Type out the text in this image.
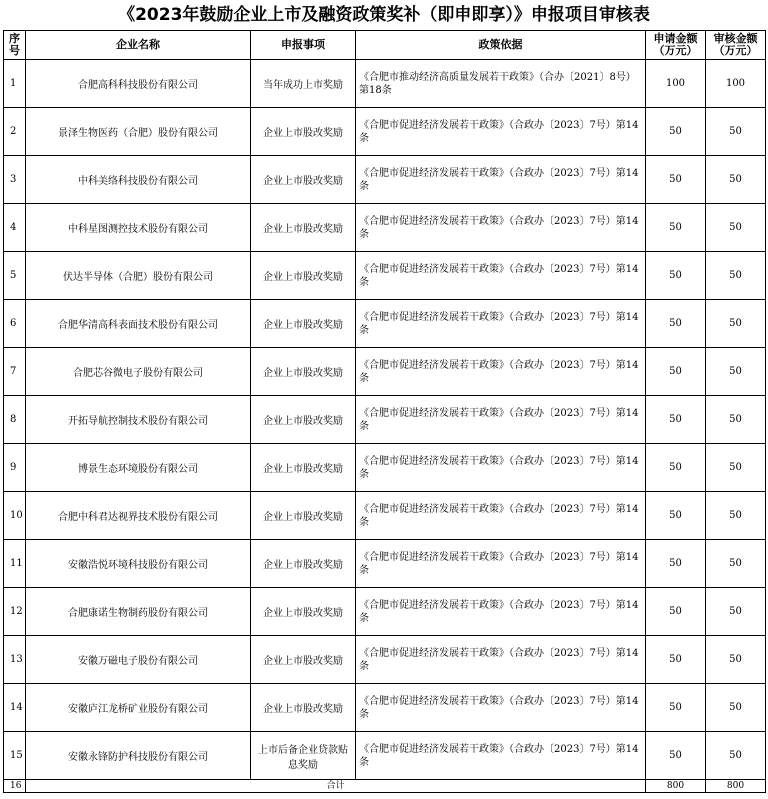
《2023年鼓励企业上市及融资政策奖补（即申即享）》申报项目审核表
序号	企业名称	申报事项	政策依据	申请金额（万元）	审核金额（万元）
1	合肥高科科技股份有限公司	当年成功上市奖励	《合肥市推动经济高质量发展若干政策》（合办〔2021〕8号）第18条	100	100
2	景泽生物医药（合肥）股份有限公司	企业上市股改奖励	《合肥市促进经济发展若干政策》（合政办〔2023〕7号）第14条	50	50
3	中科美络科技股份有限公司	企业上市股改奖励	《合肥市促进经济发展若干政策》（合政办〔2023〕7号）第14条	50	50
4	中科星图测控技术股份有限公司	企业上市股改奖励	《合肥市促进经济发展若干政策》（合政办〔2023〕7号）第14条	50	50
5	伏达半导体（合肥）股份有限公司	企业上市股改奖励	《合肥市促进经济发展若干政策》（合政办〔2023〕7号）第14条	50	50
6	合肥华清高科表面技术股份有限公司	企业上市股改奖励	《合肥市促进经济发展若干政策》（合政办〔2023〕7号）第14条	50	50
7	合肥芯谷微电子股份有限公司	企业上市股改奖励	《合肥市促进经济发展若干政策》（合政办〔2023〕7号）第14条	50	50
8	开拓导航控制技术股份有限公司	企业上市股改奖励	《合肥市促进经济发展若干政策》（合政办〔2023〕7号）第14条	50	50
9	博景生态环境股份有限公司	企业上市股改奖励	《合肥市促进经济发展若干政策》（合政办〔2023〕7号）第14条	50	50
10	合肥中科君达视界技术股份有限公司	企业上市股改奖励	《合肥市促进经济发展若干政策》（合政办〔2023〕7号）第14条	50	50
11	安徽浩悦环境科技股份有限公司	企业上市股改奖励	《合肥市促进经济发展若干政策》（合政办〔2023〕7号）第14条	50	50
12	合肥康诺生物制药股份有限公司	企业上市股改奖励	《合肥市促进经济发展若干政策》（合政办〔2023〕7号）第14条	50	50
13	安徽万磁电子股份有限公司	企业上市股改奖励	《合肥市促进经济发展若干政策》（合政办〔2023〕7号）第14条	50	50
14	安徽庐江龙桥矿业股份有限公司	企业上市股改奖励	《合肥市促进经济发展若干政策》（合政办〔2023〕7号）第14条	50	50
15	安徽永锋防护科技股份有限公司	上市后备企业贷款贴息奖励	《合肥市促进经济发展若干政策》（合政办〔2023〕7号）第14条	50	50
16	合计			800	800
